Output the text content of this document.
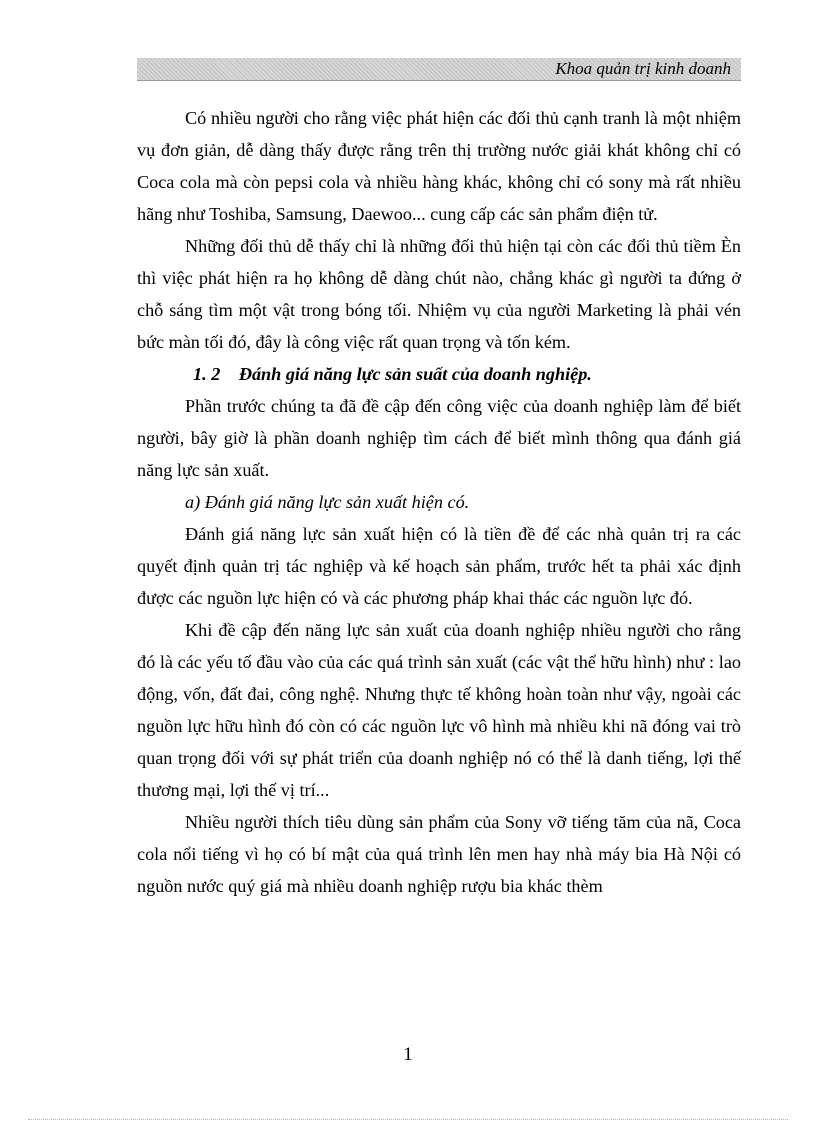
Khoa quản trị kinh doanh

Có nhiều người cho rằng việc phát hiện các đối thủ cạnh tranh là một nhiệm vụ đơn giản, dễ dàng thấy được rằng trên thị trường nước giải khát không chỉ có Coca cola mà còn pepsi cola và nhiều hàng khác, không chỉ có sony mà rất nhiều hãng như Toshiba, Samsung, Daewoo... cung cấp các sản phẩm điện tử.

Những đối thủ dễ thấy chỉ là những đối thủ hiện tại còn các đối thủ tiềm Èn thì việc phát hiện ra họ không dễ dàng chút nào, chẳng khác gì người ta đứng ở chỗ sáng tìm một vật trong bóng tối. Nhiệm vụ của người Marketing là phải vén bức màn tối đó, đây là công việc rất quan trọng và tốn kém.

1. 2 Đánh giá năng lực sản suất của doanh nghiệp.

Phần trước chúng ta đã đề cập đến công việc của doanh nghiệp làm để biết người, bây giờ là phần doanh nghiệp tìm cách để biết mình thông qua đánh giá năng lực sản xuất.

a) Đánh giá năng lực sản xuất hiện có.

Đánh giá năng lực sản xuất hiện có là tiền đề để các nhà quản trị ra các quyết định quản trị tác nghiệp và kế hoạch sản phẩm, trước hết ta phải xác định được các nguồn lực hiện có và các phương pháp khai thác các nguồn lực đó.

Khi đề cập đến năng lực sản xuất của doanh nghiệp nhiều người cho rằng đó là các yếu tố đầu vào của các quá trình sản xuất (các vật thể hữu hình) như : lao động, vốn, đất đai, công nghệ. Nhưng thực tế không hoàn toàn như vậy, ngoài các nguồn lực hữu hình đó còn có các nguồn lực vô hình mà nhiều khi nã đóng vai trò quan trọng đối với sự phát triển của doanh nghiệp nó có thể là danh tiếng, lợi thế thương mại, lợi thế vị trí...

Nhiều người thích tiêu dùng sản phẩm của Sony vỡ tiếng tăm của nã, Coca cola nổi tiếng vì họ có bí mật của quá trình lên men hay nhà máy bia Hà Nội có nguồn nước quý giá mà nhiều doanh nghiệp rượu bia khác thèm

1
